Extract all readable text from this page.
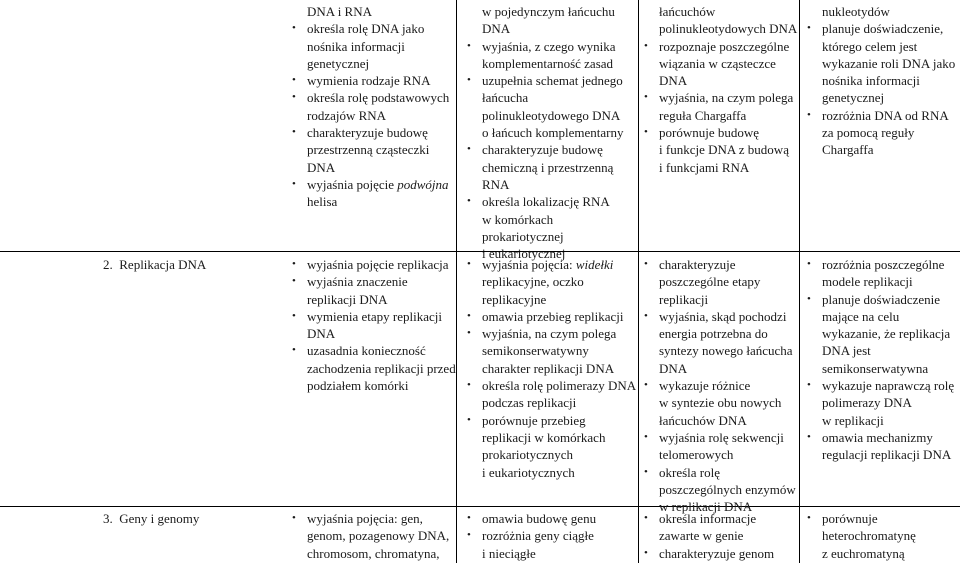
2. Replikacja DNA
3. Geny i genomy
DNA i RNA
• określa rolę DNA jako
nośnika informacji
genetycznej
• wymienia rodzaje RNA
• określa rolę podstawowych
rodzajów RNA
• charakteryzuje budowę
przestrzenną cząsteczki
DNA
• wyjaśnia pojęcie podwójna
helisa
• wyjaśnia pojęcie replikacja
• wyjaśnia znaczenie
replikacji DNA
• wymienia etapy replikacji
DNA
• uzasadnia konieczność
zachodzenia replikacji przed
podziałem komórki
• wyjaśnia pojęcia: gen,
genom, pozagenowy DNA,
chromosom, chromatyna,
w pojedynczym łańcuchu
DNA
• wyjaśnia, z czego wynika
komplementarność zasad
• uzupełnia schemat jednego
łańcucha
polinukleotydowego DNA
o łańcuch komplementarny
• charakteryzuje budowę
chemiczną i przestrzenną
RNA
• określa lokalizację RNA
w komórkach
prokariotycznej
i eukariotycznej
• wyjaśnia pojęcia: widełki
replikacyjne, oczko
replikacyjne
• omawia przebieg replikacji
• wyjaśnia, na czym polega
semikonserwatywny
charakter replikacji DNA
• określa rolę polimerazy DNA
podczas replikacji
• porównuje przebieg
replikacji w komórkach
prokariotycznych
i eukariotycznych
• omawia budowę genu
• rozróżnia geny ciągłe
i nieciągłe
łańcuchów
polinukleotydowych DNA
• rozpoznaje poszczególne
wiązania w cząsteczce
DNA
• wyjaśnia, na czym polega
reguła Chargaffa
• porównuje budowę
i funkcje DNA z budową
i funkcjami RNA
• charakteryzuje
poszczególne etapy
replikacji
• wyjaśnia, skąd pochodzi
energia potrzebna do
syntezy nowego łańcucha
DNA
• wykazuje różnice
w syntezie obu nowych
łańcuchów DNA
• wyjaśnia rolę sekwencji
telomerowych
• określa rolę
poszczególnych enzymów
w replikacji DNA
• określa informacje
zawarte w genie
• charakteryzuje genom
nukleotydów
• planuje doświadczenie,
którego celem jest
wykazanie roli DNA jako
nośnika informacji
genetycznej
• rozróżnia DNA od RNA
za pomocą reguły
Chargaffa
• rozróżnia poszczególne
modele replikacji
• planuje doświadczenie
mające na celu
wykazanie, że replikacja
DNA jest
semikonserwatywna
• wykazuje naprawczą rolę
polimerazy DNA
w replikacji
• omawia mechanizmy
regulacji replikacji DNA
• porównuje
heterochromatynę
z euchromatyną
